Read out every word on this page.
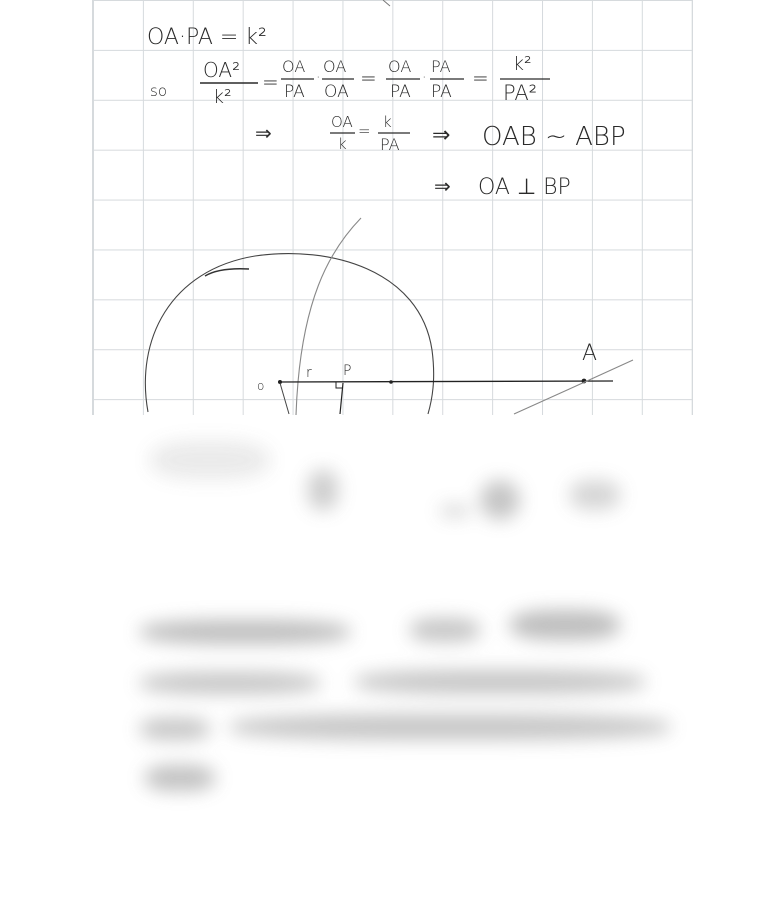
OA·PA = k²
so
OA²
k²
=
OA
PA
·
OA
OA
= OA
PA
·
PA
PA
=
k²
PA²
⇒	OA
k
= k
PA ⇒ OAB ~ ABP
⇒ OA ⊥ BP
o
r P
A
